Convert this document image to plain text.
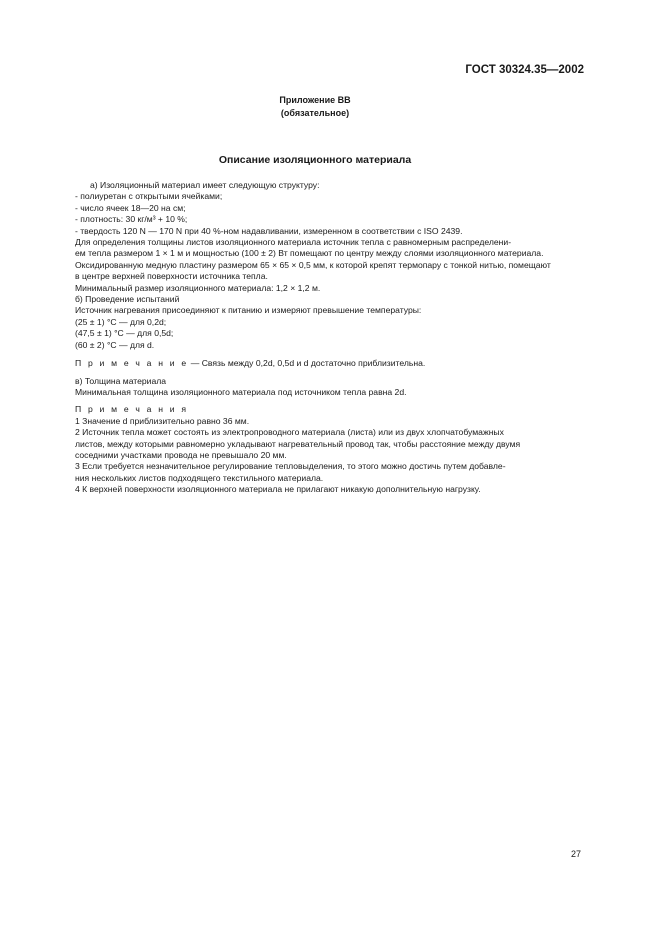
ГОСТ 30324.35—2002
Приложение ВВ
(обязательное)
Описание изоляционного материала
а) Изоляционный материал имеет следующую структуру:
- полиуретан с открытыми ячейками;
- число ячеек 18—20 на см;
- плотность: 30 кг/м³ + 10 %;
- твердость 120 N — 170 N при 40 %-ном надавливании, измеренном в соответствии с ISO 2439.
Для определения толщины листов изоляционного материала источник тепла с равномерным распределени-
ем тепла размером 1 × 1 м и мощностью (100 ± 2) Вт помещают по центру между слоями изоляционного материала.
Оксидированную медную пластину размером 65 × 65 × 0,5 мм, к которой крепят термопару с тонкой нитью, помещают
в центре верхней поверхности источника тепла.
Минимальный размер изоляционного материала: 1,2 × 1,2 м.
б) Проведение испытаний
Источник нагревания присоединяют к питанию и измеряют превышение температуры:
(25 ± 1) °С — для 0,2d;
(47,5 ± 1) °С — для 0,5d;
(60 ± 2) °С — для d.
П р и м е ч а н и е — Связь между 0,2d, 0,5d и d достаточно приблизительна.
в) Толщина материала
Минимальная толщина изоляционного материала под источником тепла равна 2d.
П р и м е ч а н и я
1 Значение d приблизительно равно 36 мм.
2 Источник тепла может состоять из электропроводного материала (листа) или из двух хлопчатобумажных
листов, между которыми равномерно укладывают нагревательный провод так, чтобы расстояние между двумя
соседними участками провода не превышало 20 мм.
3 Если требуется незначительное регулирование тепловыделения, то этого можно достичь путем добавле-
ния нескольких листов подходящего текстильного материала.
4 К верхней поверхности изоляционного материала не прилагают никакую дополнительную нагрузку.
27
